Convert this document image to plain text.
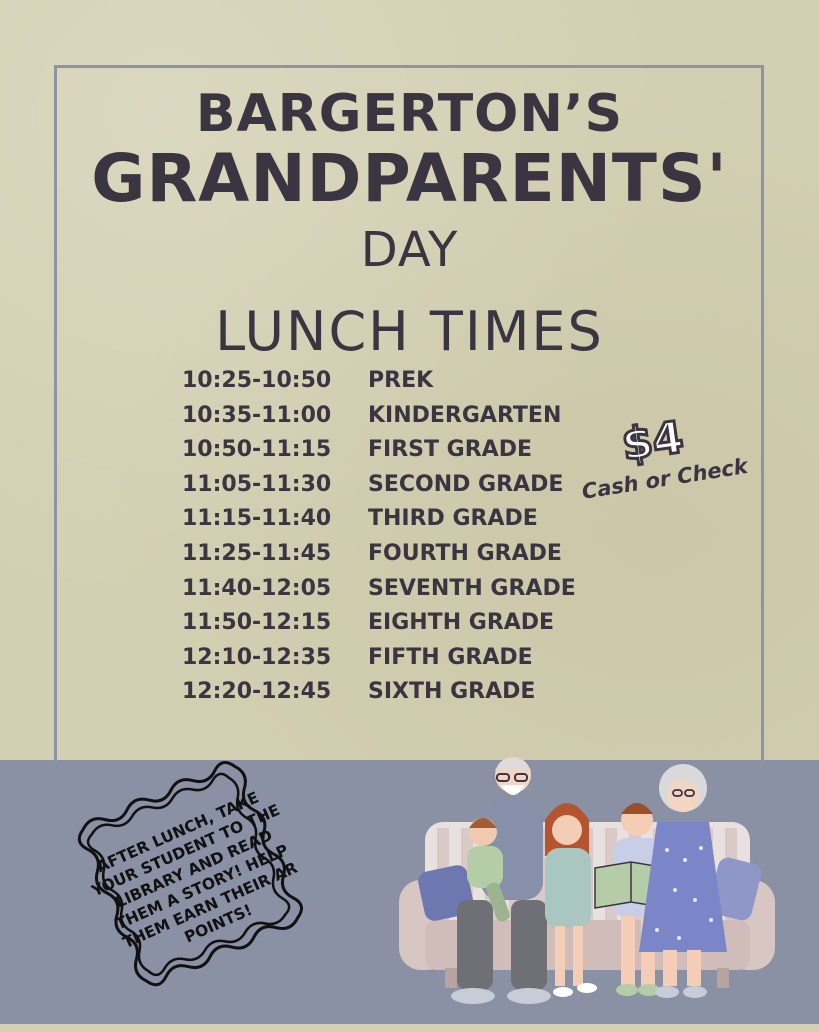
BARGERTON’S
GRANDPARENTS'
DAY
LUNCH TIMES
10:25-10:50 PREK
10:35-11:00 KINDERGARTEN
10:50-11:15 FIRST GRADE
11:05-11:30 SECOND GRADE
11:15-11:40 THIRD GRADE
11:25-11:45 FOURTH GRADE
11:40-12:05 SEVENTH GRADE
11:50-12:15 EIGHTH GRADE
12:10-12:35 FIFTH GRADE
12:20-12:45 SIXTH GRADE
$4
Cash or Check
AFTER LUNCH, TAKE YOUR STUDENT TO THE LIBRARY AND READ THEM A STORY! HELP THEM EARN THEIR AR POINTS!
